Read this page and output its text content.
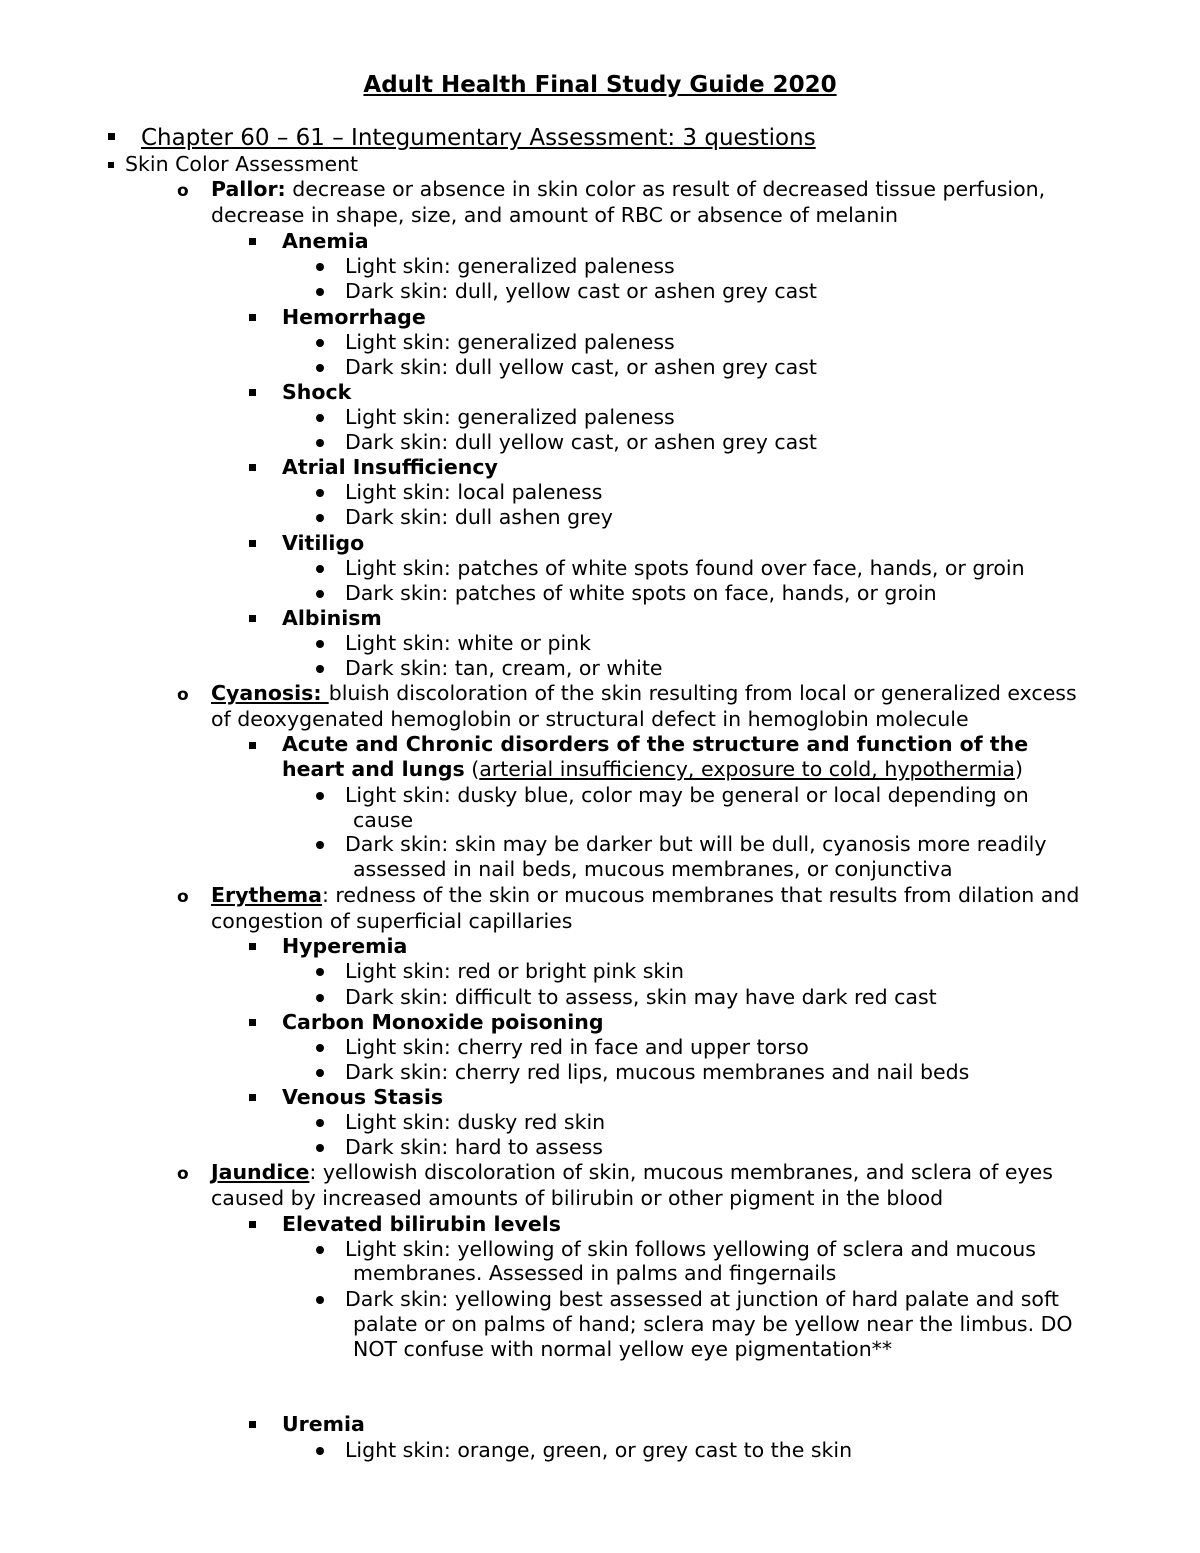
Adult Health Final Study Guide 2020
Chapter 60 – 61 – Integumentary Assessment: 3 questions
Skin Color Assessment
o Pallor: decrease or absence in skin color as result of decreased tissue perfusion,
decrease in shape, size, and amount of RBC or absence of melanin
Anemia
Light skin: generalized paleness
Dark skin: dull, yellow cast or ashen grey cast
Hemorrhage
Light skin: generalized paleness
Dark skin: dull yellow cast, or ashen grey cast
Shock
Light skin: generalized paleness
Dark skin: dull yellow cast, or ashen grey cast
Atrial Insufficiency
Light skin: local paleness
Dark skin: dull ashen grey
Vitiligo
Light skin: patches of white spots found over face, hands, or groin
Dark skin: patches of white spots on face, hands, or groin
Albinism
Light skin: white or pink
Dark skin: tan, cream, or white
o Cyanosis: bluish discoloration of the skin resulting from local or generalized excess
of deoxygenated hemoglobin or structural defect in hemoglobin molecule
Acute and Chronic disorders of the structure and function of the
heart and lungs (arterial insufficiency, exposure to cold, hypothermia)
Light skin: dusky blue, color may be general or local depending on
cause
Dark skin: skin may be darker but will be dull, cyanosis more readily
assessed in nail beds, mucous membranes, or conjunctiva
o Erythema: redness of the skin or mucous membranes that results from dilation and
congestion of superficial capillaries
Hyperemia
Light skin: red or bright pink skin
Dark skin: difficult to assess, skin may have dark red cast
Carbon Monoxide poisoning
Light skin: cherry red in face and upper torso
Dark skin: cherry red lips, mucous membranes and nail beds
Venous Stasis
Light skin: dusky red skin
Dark skin: hard to assess
o Jaundice: yellowish discoloration of skin, mucous membranes, and sclera of eyes
caused by increased amounts of bilirubin or other pigment in the blood
Elevated bilirubin levels
Light skin: yellowing of skin follows yellowing of sclera and mucous
membranes. Assessed in palms and fingernails
Dark skin: yellowing best assessed at junction of hard palate and soft
palate or on palms of hand; sclera may be yellow near the limbus. DO
NOT confuse with normal yellow eye pigmentation**
Uremia
Light skin: orange, green, or grey cast to the skin
